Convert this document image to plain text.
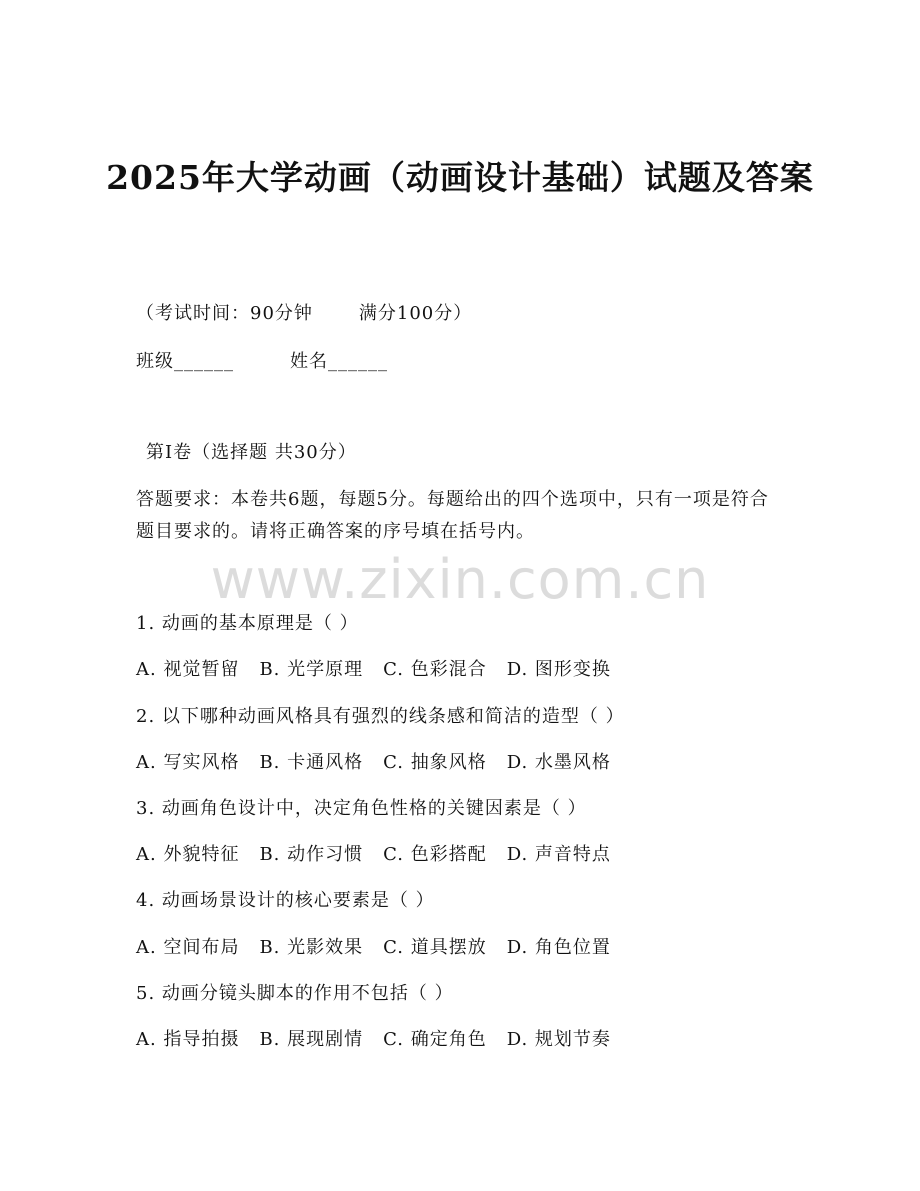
2025年大学动画（动画设计基础）试题及答案
（考试时间：90分钟	满分100分）
班级______	姓名______
第Ⅰ卷（选择题 共30分）
答题要求：本卷共6题，每题5分。每题给出的四个选项中，只有一项是符合题目要求的。请将正确答案的序号填在括号内。
www.zixin.com.cn
1. 动画的基本原理是（ ）
A. 视觉暂留 B. 光学原理 C. 色彩混合 D. 图形变换
2. 以下哪种动画风格具有强烈的线条感和简洁的造型（ ）
A. 写实风格 B. 卡通风格 C. 抽象风格 D. 水墨风格
3. 动画角色设计中，决定角色性格的关键因素是（ ）
A. 外貌特征 B. 动作习惯 C. 色彩搭配 D. 声音特点
4. 动画场景设计的核心要素是（ ）
A. 空间布局 B. 光影效果 C. 道具摆放 D. 角色位置
5. 动画分镜头脚本的作用不包括（ ）
A. 指导拍摄 B. 展现剧情 C. 确定角色 D. 规划节奏
